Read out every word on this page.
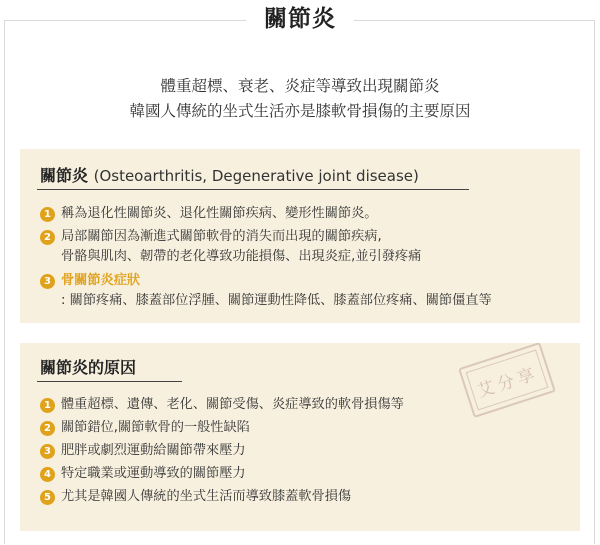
關節炎
體重超標、衰老、炎症等導致出現關節炎
韓國人傳統的坐式生活亦是膝軟骨損傷的主要原因
關節炎 (Osteoarthritis, Degenerative joint disease)
1 稱為退化性關節炎、退化性關節疾病、變形性關節炎。
2 局部關節因為漸進式關節軟骨的消失而出現的關節疾病,
骨骼與肌肉、韌帶的老化導致功能損傷、出現炎症,並引發疼痛
3 骨關節炎症狀
: 關節疼痛、膝蓋部位浮腫、關節運動性降低、膝蓋部位疼痛、關節僵直等
關節炎的原因
1 體重超標、遺傳、老化、關節受傷、炎症導致的軟骨損傷等
2 關節錯位,關節軟骨的一般性缺陷
3 肥胖或劇烈運動給關節帶來壓力
4 特定職業或運動導致的關節壓力
5 尤其是韓國人傳統的坐式生活而導致膝蓋軟骨損傷
艾分享
